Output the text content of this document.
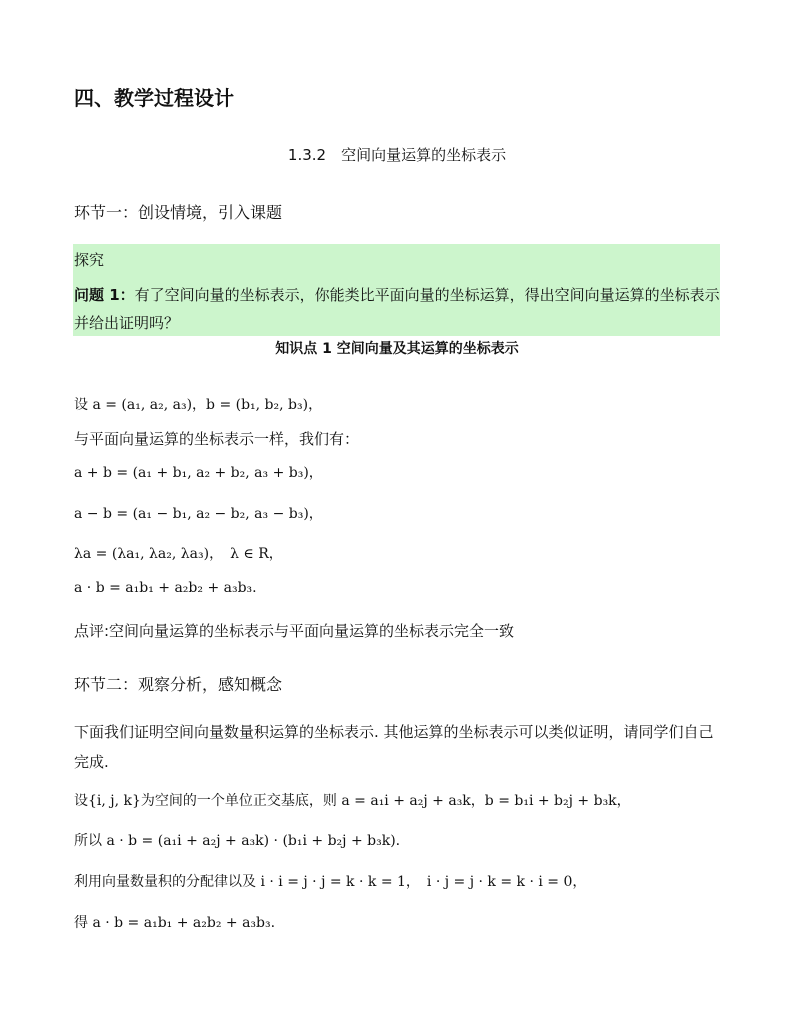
四、教学过程设计
1.3.2　空间向量运算的坐标表示
环节一：创设情境，引入课题
探究
问题 1：有了空间向量的坐标表示，你能类比平面向量的坐标运算，得出空间向量运算的坐标表示并给出证明吗？
知识点 1 空间向量及其运算的坐标表示
设 a = (a₁, a₂, a₃)，b = (b₁, b₂, b₃)，
与平面向量运算的坐标表示一样，我们有：
a + b = (a₁ + b₁, a₂ + b₂, a₃ + b₃)，
a − b = (a₁ − b₁, a₂ − b₂, a₃ − b₃)，
λa = (λa₁, λa₂, λa₃)，　λ ∈ R，
a · b = a₁b₁ + a₂b₂ + a₃b₃.
点评:空间向量运算的坐标表示与平面向量运算的坐标表示完全一致
环节二：观察分析，感知概念
下面我们证明空间向量数量积运算的坐标表示. 其他运算的坐标表示可以类似证明，请同学们自己完成.
设{i, j, k}为空间的一个单位正交基底，则 a = a₁i + a₂j + a₃k，b = b₁i + b₂j + b₃k，
所以 a · b = (a₁i + a₂j + a₃k) · (b₁i + b₂j + b₃k).
利用向量数量积的分配律以及 i · i = j · j = k · k = 1，　i · j = j · k = k · i = 0，
得 a · b = a₁b₁ + a₂b₂ + a₃b₃.
